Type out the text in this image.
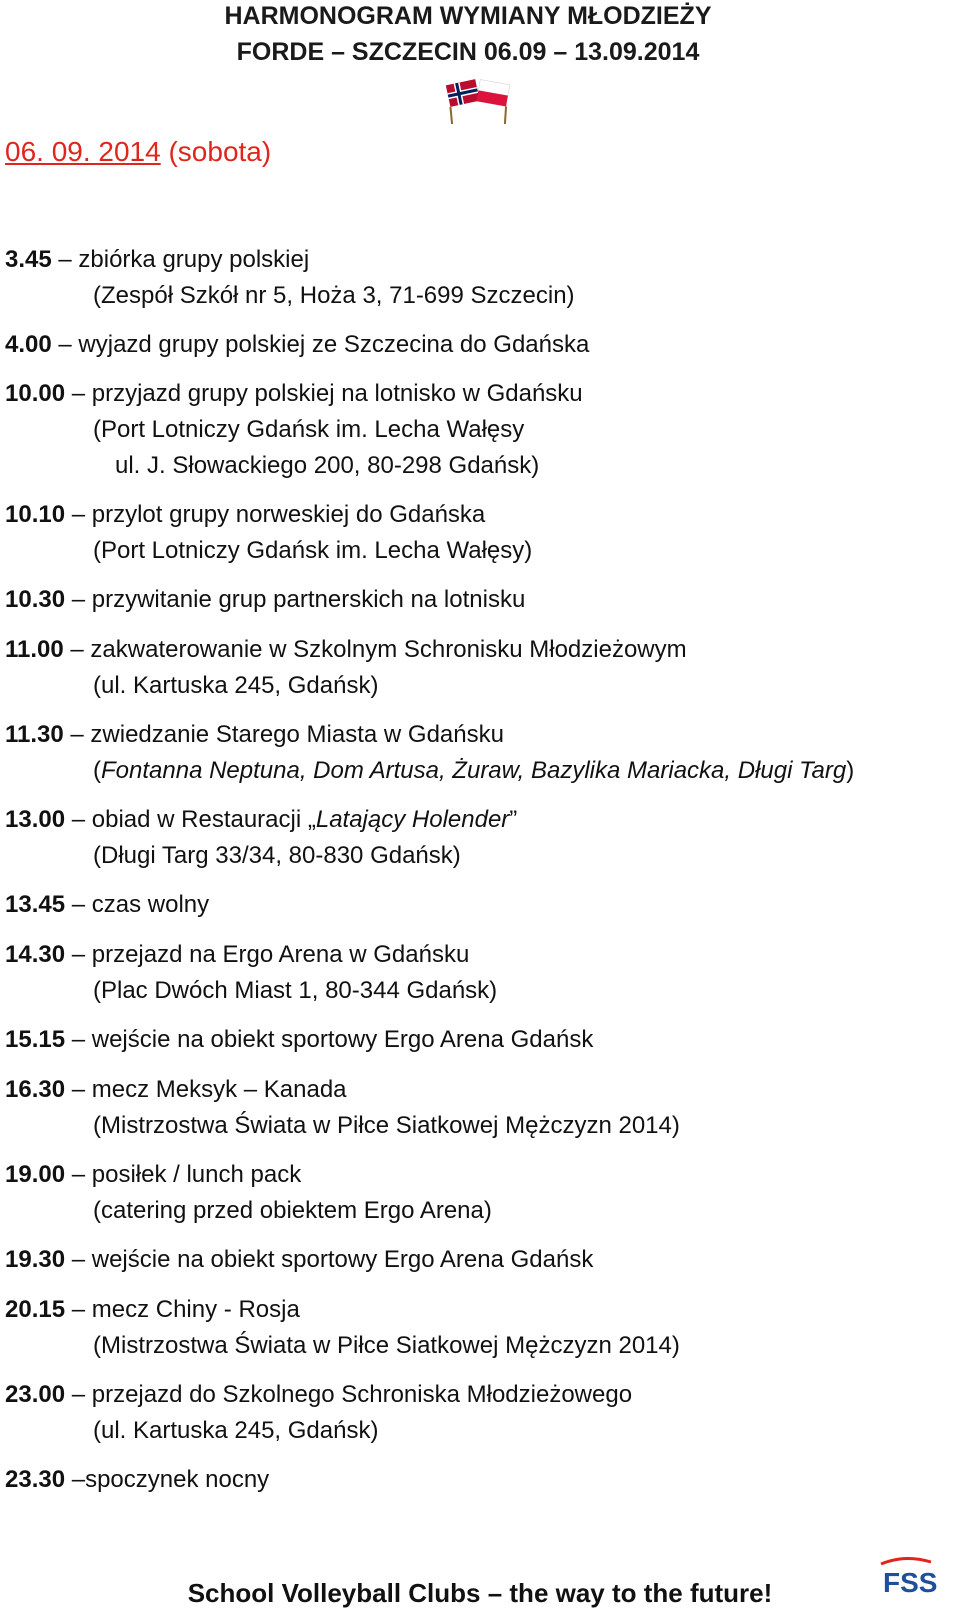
HARMONOGRAM WYMIANY MŁODZIEŻY
FORDE – SZCZECIN 06.09 – 13.09.2014
06. 09. 2014 (sobota)
3.45 – zbiórka grupy polskiej
(Zespół Szkół nr 5, Hoża 3, 71-699 Szczecin)
4.00 – wyjazd grupy polskiej ze Szczecina do Gdańska
10.00 – przyjazd grupy polskiej na lotnisko w Gdańsku
(Port Lotniczy Gdańsk im. Lecha Wałęsy
ul. J. Słowackiego 200, 80-298 Gdańsk)
10.10 – przylot grupy norweskiej do Gdańska
(Port Lotniczy Gdańsk im. Lecha Wałęsy)
10.30 – przywitanie grup partnerskich na lotnisku
11.00 – zakwaterowanie w Szkolnym Schronisku Młodzieżowym
(ul. Kartuska 245, Gdańsk)
11.30 – zwiedzanie Starego Miasta w Gdańsku
(Fontanna Neptuna, Dom Artusa, Żuraw, Bazylika Mariacka, Długi Targ)
13.00 – obiad w Restauracji „Latający Holender”
(Długi Targ 33/34, 80-830 Gdańsk)
13.45 – czas wolny
14.30 – przejazd na Ergo Arena w Gdańsku
(Plac Dwóch Miast 1, 80-344 Gdańsk)
15.15 – wejście na obiekt sportowy Ergo Arena Gdańsk
16.30 – mecz Meksyk – Kanada
(Mistrzostwa Świata w Piłce Siatkowej Mężczyzn 2014)
19.00 – posiłek / lunch pack
(catering przed obiektem Ergo Arena)
19.30 – wejście na obiekt sportowy Ergo Arena Gdańsk
20.15 – mecz Chiny - Rosja
(Mistrzostwa Świata w Piłce Siatkowej Mężczyzn 2014)
23.00 – przejazd do Szkolnego Schroniska Młodzieżowego
(ul. Kartuska 245, Gdańsk)
23.30 –spoczynek nocny
School Volleyball Clubs – the way to the future!	FSS
